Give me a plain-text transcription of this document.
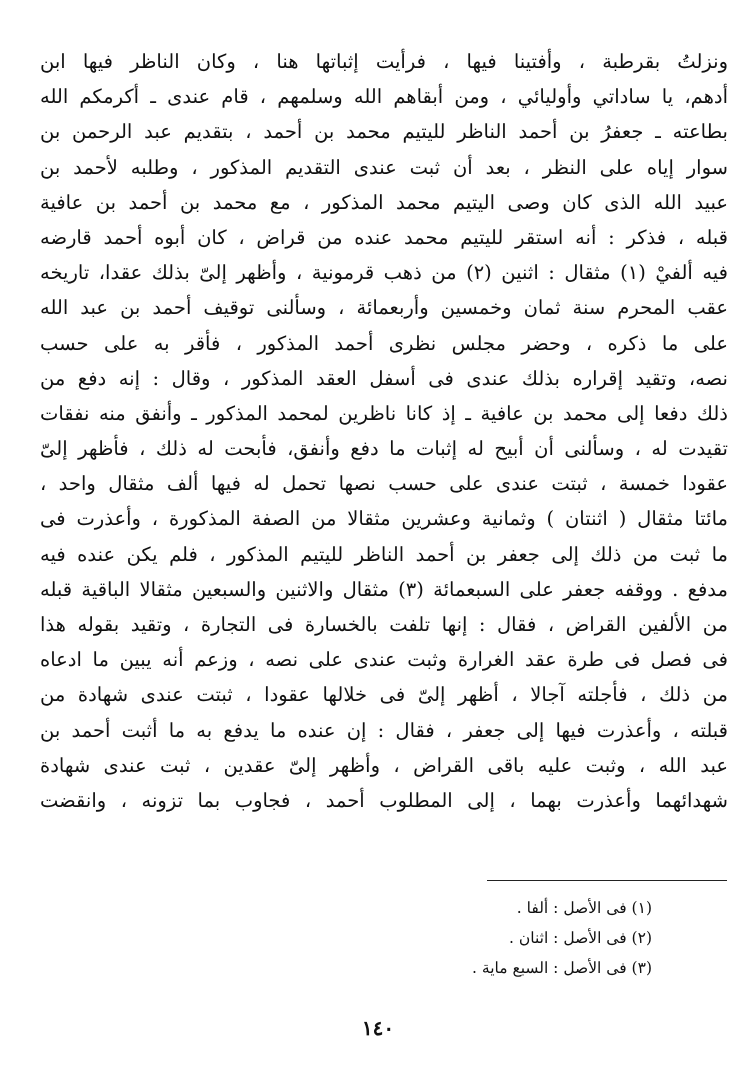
ونزلتُ بقرطبة ، وأفتينا فيها ، فرأيت إثباتها هنا ، وكان الناظر فيها ابن
أدهم، يا ساداتي وأوليائي ، ومن أبقاهم الله وسلمهم ، قام عندى ـ أكرمكم الله
بطاعته ـ جعفرُ بن أحمد الناظر لليتيم محمد بن أحمد ، بتقديم عبد الرحمن بن
سوار إياه على النظر ، بعد أن ثبت عندى التقديم المذكور ، وطلبه لأحمد بن
عبيد الله الذى كان وصى اليتيم محمد المذكور ، مع محمد بن أحمد بن عافية
قبله ، فذكر : أنه استقر لليتيم محمد عنده من قراض ، كان أبوه أحمد قارضه
فيه ألفيْ (١) مثقال : اثنين (٢) من ذهب قرمونية ، وأظهر إلىّ بذلك عقدا، تاريخه
عقب المحرم سنة ثمان وخمسين وأربعمائة ، وسألنى توقيف أحمد بن عبد الله
على ما ذكره ، وحضر مجلس نظرى أحمد المذكور ، فأقر به على حسب
نصه، وتقيد إقراره بذلك عندى فى أسفل العقد المذكور ، وقال : إنه دفع من
ذلك دفعا إلى محمد بن عافية ـ إذ كانا ناظرين لمحمد المذكور ـ وأنفق منه نفقات
تقيدت له ، وسألنى أن أبيح له إثبات ما دفع وأنفق، فأبحت له ذلك ، فأظهر إلىّ
عقودا خمسة ، ثبتت عندى على حسب نصها تحمل له فيها ألف مثقال واحد ،
مائتا مثقال ( اثنتان ) وثمانية وعشرين مثقالا من الصفة المذكورة ، وأعذرت فى
ما ثبت من ذلك إلى جعفر بن أحمد الناظر لليتيم المذكور ، فلم يكن عنده فيه
مدفع . ووقفه جعفر على السبعمائة (٣) مثقال والاثنين والسبعين مثقالا الباقية قبله
من الألفين القراض ، فقال : إنها تلفت بالخسارة فى التجارة ، وتقيد بقوله هذا
فى فصل فى طرة عقد الغرارة وثبت عندى على نصه ، وزعم أنه يبين ما ادعاه
من ذلك ، فأجلته آجالا ، أظهر إلىّ فى خلالها عقودا ، ثبتت عندى شهادة من
قبلته ، وأعذرت فيها إلى جعفر ، فقال : إن عنده ما يدفع به ما أثبت أحمد بن
عبد الله ، وثبت عليه باقى القراض ، وأظهر إلىّ عقدين ، ثبت عندى شهادة
شهدائهما وأعذرت بهما ، إلى المطلوب أحمد ، فجاوب بما تزونه ، وانقضت
(١) فى الأصل : ألفا .
(٢) فى الأصل : اثنان .
(٣) فى الأصل : السبع ماية .
١٤٠
